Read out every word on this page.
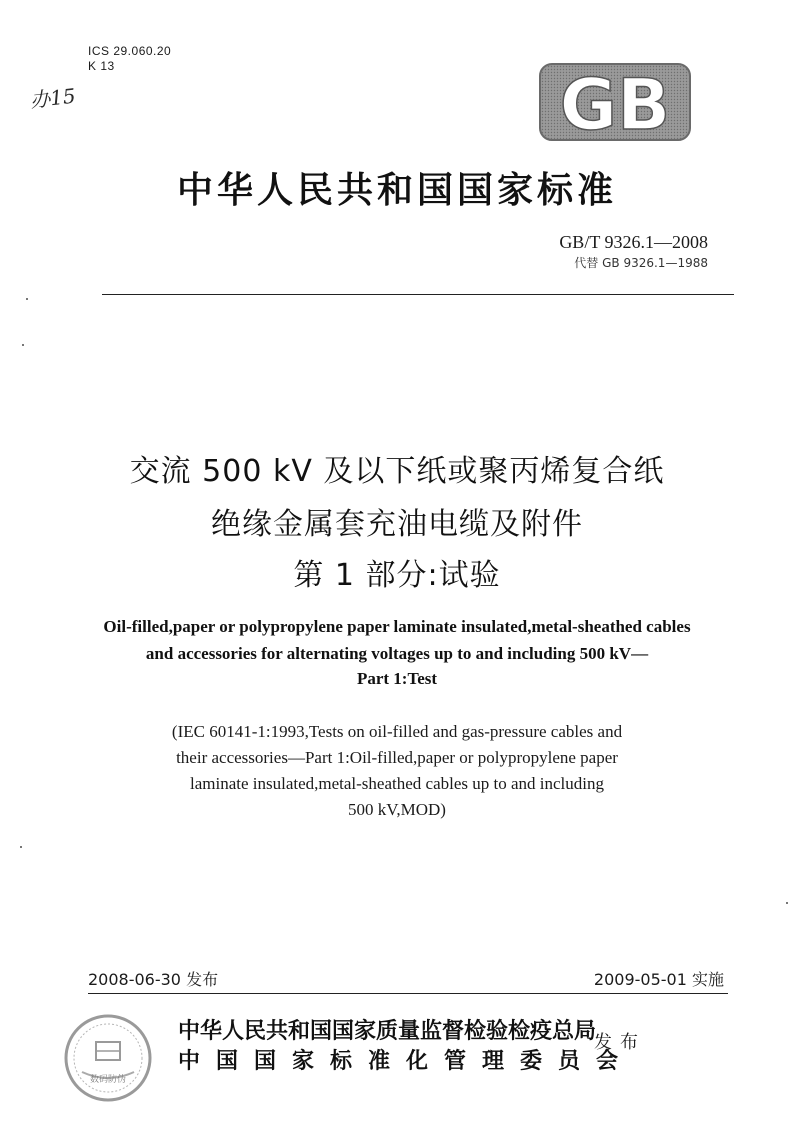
ICS 29.060.20
K 13
办15	GB
中华人民共和国国家标准
GB/T 9326.1—2008
代替 GB 9326.1—1988
交流 500 kV 及以下纸或聚丙烯复合纸
绝缘金属套充油电缆及附件
第 1 部分:试验
Oil-filled,paper or polypropylene paper laminate insulated,metal-sheathed cables
and accessories for alternating voltages up to and including 500 kV—
Part 1:Test
(IEC 60141-1:1993,Tests on oil-filled and gas-pressure cables and
their accessories—Part 1:Oil-filled,paper or polypropylene paper
laminate insulated,metal-sheathed cables up to and including
500 kV,MOD)
2008-06-30 发布	2009-05-01 实施
数码防伪
中华人民共和国国家质量监督检验检疫总局
中国国家标准化管理委员会
发布
